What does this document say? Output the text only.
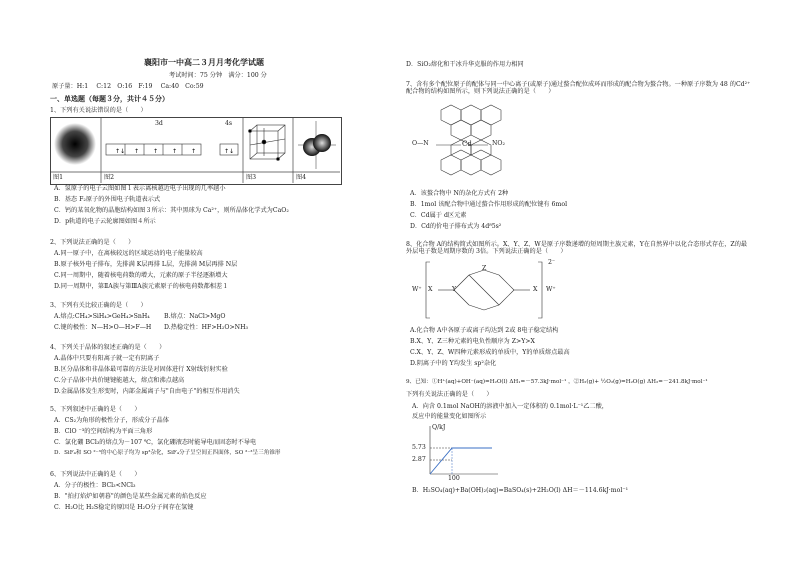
襄阳市一中高二３月月考化学试题
考试时间：75 分钟　满分：100 分
原子量：H:1　 C:12　O:16　F:19　 Ca:40　Co:59
一、单选题（每题３分，共计４５分）
1、下列有关说法错误的是（　　）
↑↓ ↑ ↑ ↑ ↑	↑↓
3d	4s
图1	图2	图3	图4
A．氢原子的电子云图如图１表示离核越近电子出现的几率越小
B．基态 F₂原子的外围电子轨道表示式
C．钙的某氧化物的晶胞结构如图３所示：其中黑球为 Ca²⁺，则所晶体化学式为CaO₂
D．p轨道的电子云轮廓图如图４所示
2、下列说法正确的是（　　）
A.同一原子中，在离核较远的区域运动的电子能量较高
B.原子核外电子排布，先排满 K层再排 L层，先排满 M层再排 N层
C.同一周期中，随着核电荷数的增大，元素的原子半径逐渐增大
D.同一周期中，第ⅡA族与第ⅢA族元素原子的核电荷数都相差１
3、下列有关比较正确的是（　　）
A.熔点:CH₄>SiH₄>GeH₄>SnH₄ B.熔点：NaCl>MgO
C.键的极性：N—H>O—H>F—H D.热稳定性：HF>H₂O>NH₃
4、下列关于晶体的叙述正确的是（　　）
A.晶体中只要有阳离子就一定有阴离子
B.区分晶体和非晶体最可靠的方法是对固体进行 X射线衍射实验
C.分子晶体中共价键键能越大，熔点和沸点越高
D.金属晶体发生形变时，内部金属离子与"自由电子"的相互作用消失
5、下列叙述中正确的是（　　）
A．CS₂为角形的极性分子，形成分子晶体
B．ClO ⁻³的空间结构为平面三角形
C．氯化硼 BCl₃的熔点为－107 ℃，氯化硼液态时能导电而固态时不导电
D．SiF₄和 SO ²⁻³的中心原子均为 sp³杂化，SiF₄分子呈空间正四面体，SO ²⁻³呈三角锥形
6、下列说法中正确的是（　　）
A．分子的极性：BCl₃<NCl₃
B．"拍打焰炉如朝暮"的颜色是某些金属元素的焰色反应
C．H₂O比 H₂S稳定的原因是 H₂O分子间存在氢键
D．SiO₂熔化和干冰升华克服的作用力相同
7、含有多个配位原子的配体与同一中心离子(或原子)通过螯合配位成环而形成的配合物为螯合物。一种原子序数为 48 的Cd²⁺配合物的结构如图所示，则下列说法正确的是（　　）
Cd	NO₂
O—N
A．该螯合物中 N的杂化方式有 2种
B．1mol 该配合物中通过螯合作用形成的配位键有 6mol
C．Cd属于 d区元素
D．Cd的价电子排布式为 4d⁸5s²
8、化合物 A的结构简式如图所示。X、Y、Z、W是原子序数递增的短周期主族元素，Y在自然界中以化合态形式存在，Z的最外层电子数是周期序数的 3倍。下列说法正确的是（　　）
X	Y
Z
X
W⁺	W⁺
2⁻
A.化合物 A中各原子或离子均达到 2或 8电子稳定结构
B.X、Y、Z三种元素的电负性顺序为 Z>Y>X
C.X、Y、Z、W四种元素形成的单质中，Y的单质熔点最高
D.阴离子中的 Y均发生 sp²杂化
9、已知：①H⁺(aq)+OH⁻(aq)=H₂O(l) ΔH₁=－57.3kJ·mol⁻¹ ，②H₂(g)+ ½O₂(g)=H₂O(g) ΔH₂=－241.8kJ·mol⁻¹
下列有关说法正确的是（　　）
A．向含 0.1mol NaOH的溶液中加入一定体积的 0.1mol·L⁻¹乙二酸，
反应中的能量变化如图所示
Q/kJ
5.73
2.87
100
B．H₂SO₄(aq)+Ba(OH)₂(aq)=BaSO₄(s)+2H₂O(l) ΔH＝－114.6kJ·mol⁻¹
